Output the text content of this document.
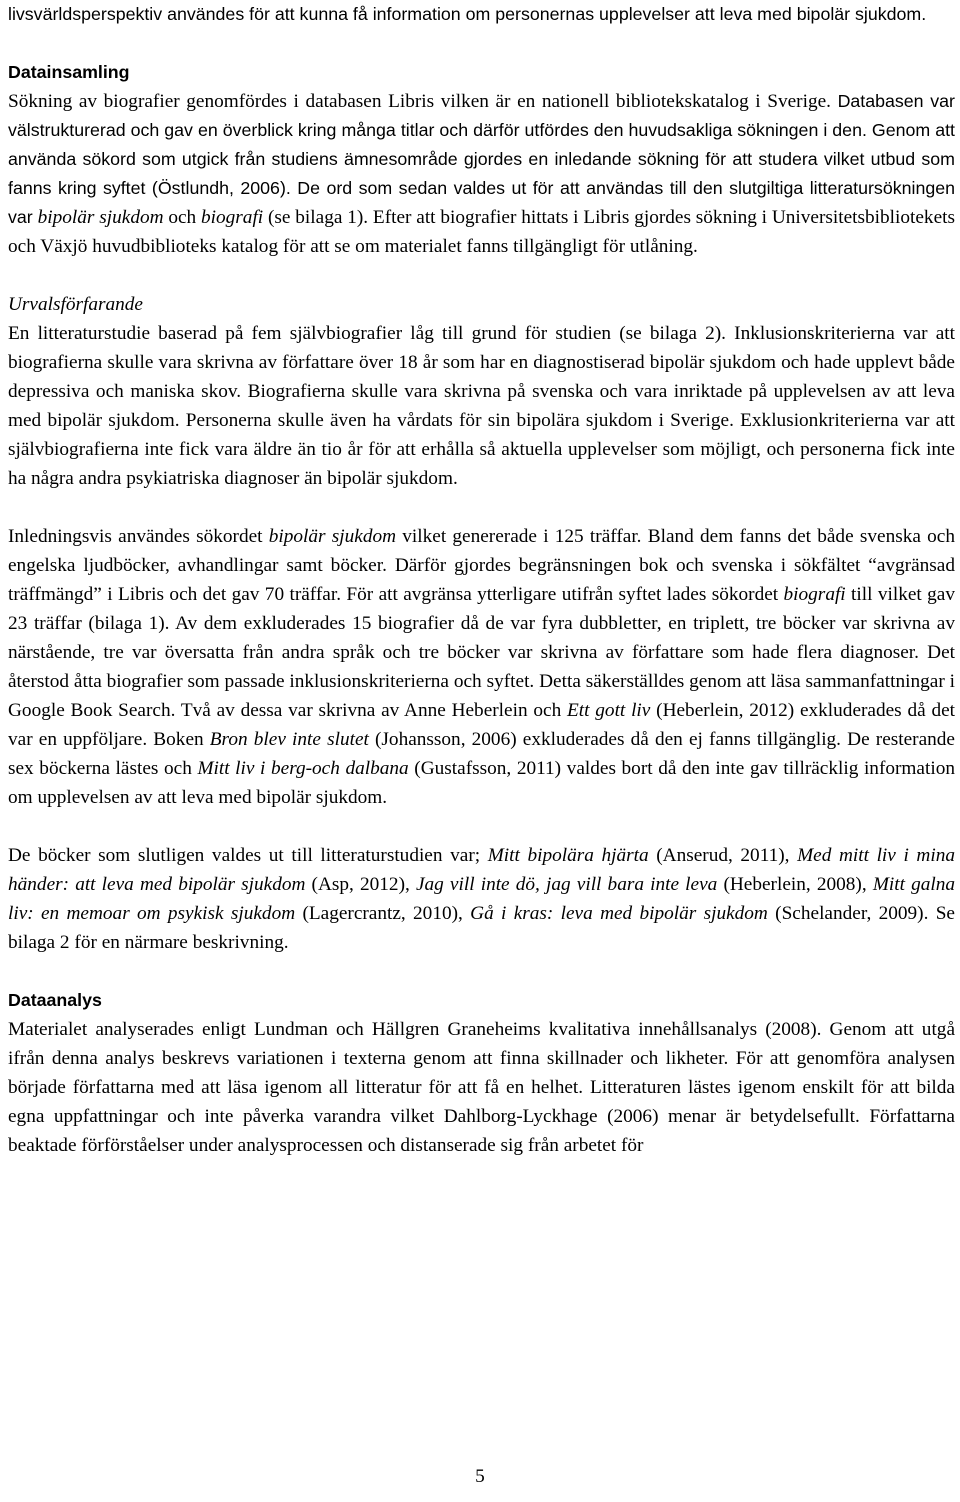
livsvärldsperspektiv användes för att kunna få information om personernas upplevelser att leva med bipolär sjukdom.

Datainsamling

Sökning av biografier genomfördes i databasen Libris vilken är en nationell bibliotekskatalog i Sverige. Databasen var välstrukturerad och gav en överblick kring många titlar och därför utfördes den huvudsakliga sökningen i den. Genom att använda sökord som utgick från studiens ämnesområde gjordes en inledande sökning för att studera vilket utbud som fanns kring syftet (Östlundh, 2006). De ord som sedan valdes ut för att användas till den slutgiltiga litteratursökningen var bipolär sjukdom och biografi (se bilaga 1). Efter att biografier hittats i Libris gjordes sökning i Universitetsbibliotekets och Växjö huvudbiblioteks katalog för att se om materialet fanns tillgängligt för utlåning.

Urvalsförfarande

En litteraturstudie baserad på fem självbiografier låg till grund för studien (se bilaga 2). Inklusionskriterierna var att biografierna skulle vara skrivna av författare över 18 år som har en diagnostiserad bipolär sjukdom och hade upplevt både depressiva och maniska skov. Biografierna skulle vara skrivna på svenska och vara inriktade på upplevelsen av att leva med bipolär sjukdom. Personerna skulle även ha vårdats för sin bipolära sjukdom i Sverige. Exklusionkriterierna var att självbiografierna inte fick vara äldre än tio år för att erhålla så aktuella upplevelser som möjligt, och personerna fick inte ha några andra psykiatriska diagnoser än bipolär sjukdom.

Inledningsvis användes sökordet bipolär sjukdom vilket genererade i 125 träffar. Bland dem fanns det både svenska och engelska ljudböcker, avhandlingar samt böcker. Därför gjordes begränsningen bok och svenska i sökfältet “avgränsad träffmängd” i Libris och det gav 70 träffar. För att avgränsa ytterligare utifrån syftet lades sökordet biografi till vilket gav 23 träffar (bilaga 1). Av dem exkluderades 15 biografier då de var fyra dubbletter, en triplett, tre böcker var skrivna av närstående, tre var översatta från andra språk och tre böcker var skrivna av författare som hade flera diagnoser. Det återstod åtta biografier som passade inklusionskriterierna och syftet. Detta säkerställdes genom att läsa sammanfattningar i Google Book Search. Två av dessa var skrivna av Anne Heberlein och Ett gott liv (Heberlein, 2012) exkluderades då det var en uppföljare. Boken Bron blev inte slutet (Johansson, 2006) exkluderades då den ej fanns tillgänglig. De resterande sex böckerna lästes och Mitt liv i berg-och dalbana (Gustafsson, 2011) valdes bort då den inte gav tillräcklig information om upplevelsen av att leva med bipolär sjukdom.

De böcker som slutligen valdes ut till litteraturstudien var; Mitt bipolära hjärta (Anserud, 2011), Med mitt liv i mina händer: att leva med bipolär sjukdom (Asp, 2012), Jag vill inte dö, jag vill bara inte leva (Heberlein, 2008), Mitt galna liv: en memoar om psykisk sjukdom (Lagercrantz, 2010), Gå i kras: leva med bipolär sjukdom (Schelander, 2009). Se bilaga 2 för en närmare beskrivning.

Dataanalys

Materialet analyserades enligt Lundman och Hällgren Graneheims kvalitativa innehållsanalys (2008). Genom att utgå ifrån denna analys beskrevs variationen i texterna genom att finna skillnader och likheter. För att genomföra analysen började författarna med att läsa igenom all litteratur för att få en helhet. Litteraturen lästes igenom enskilt för att bilda egna uppfattningar och inte påverka varandra vilket Dahlborg-Lyckhage (2006) menar är betydelsefullt. Författarna beaktade förförståelser under analysprocessen och distanserade sig från arbetet för

5
